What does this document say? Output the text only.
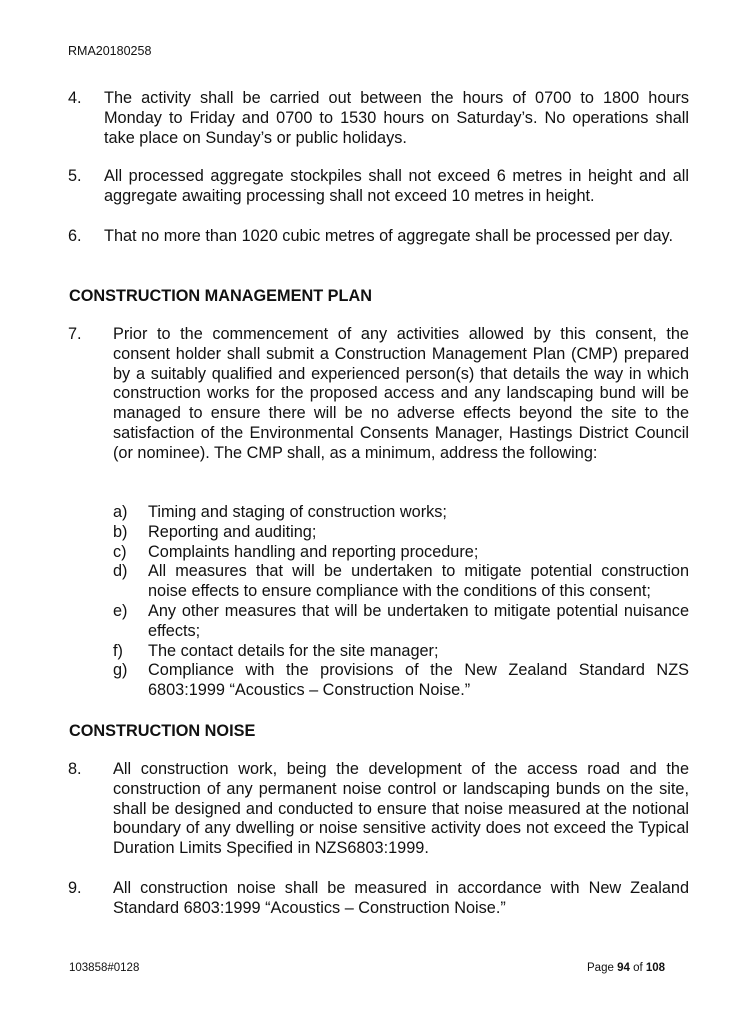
RMA20180258
4.	The activity shall be carried out between the hours of 0700 to 1800 hours Monday to Friday and 0700 to 1530 hours on Saturday’s. No operations shall take place on Sunday’s or public holidays.
5.	All processed aggregate stockpiles shall not exceed 6 metres in height and all aggregate awaiting processing shall not exceed 10 metres in height.
6.	That no more than 1020 cubic metres of aggregate shall be processed per day.
CONSTRUCTION MANAGEMENT PLAN
7.	Prior to the commencement of any activities allowed by this consent, the consent holder shall submit a Construction Management Plan (CMP) prepared by a suitably qualified and experienced person(s) that details the way in which construction works for the proposed access and any landscaping bund will be managed to ensure there will be no adverse effects beyond the site to the satisfaction of the Environmental Consents Manager, Hastings District Council (or nominee). The CMP shall, as a minimum, address the following:
a)	Timing and staging of construction works;
b)	Reporting and auditing;
c)	Complaints handling and reporting procedure;
d)	All measures that will be undertaken to mitigate potential construction noise effects to ensure compliance with the conditions of this consent;
e)	Any other measures that will be undertaken to mitigate potential nuisance effects;
f)	The contact details for the site manager;
g)	Compliance with the provisions of the New Zealand Standard NZS 6803:1999 “Acoustics – Construction Noise.”
CONSTRUCTION NOISE
8.	All construction work, being the development of the access road and the construction of any permanent noise control or landscaping bunds on the site, shall be designed and conducted to ensure that noise measured at the notional boundary of any dwelling or noise sensitive activity does not exceed the Typical Duration Limits Specified in NZS6803:1999.
9.	All construction noise shall be measured in accordance with New Zealand Standard 6803:1999 “Acoustics – Construction Noise.”
103858#0128	Page 94 of 108
